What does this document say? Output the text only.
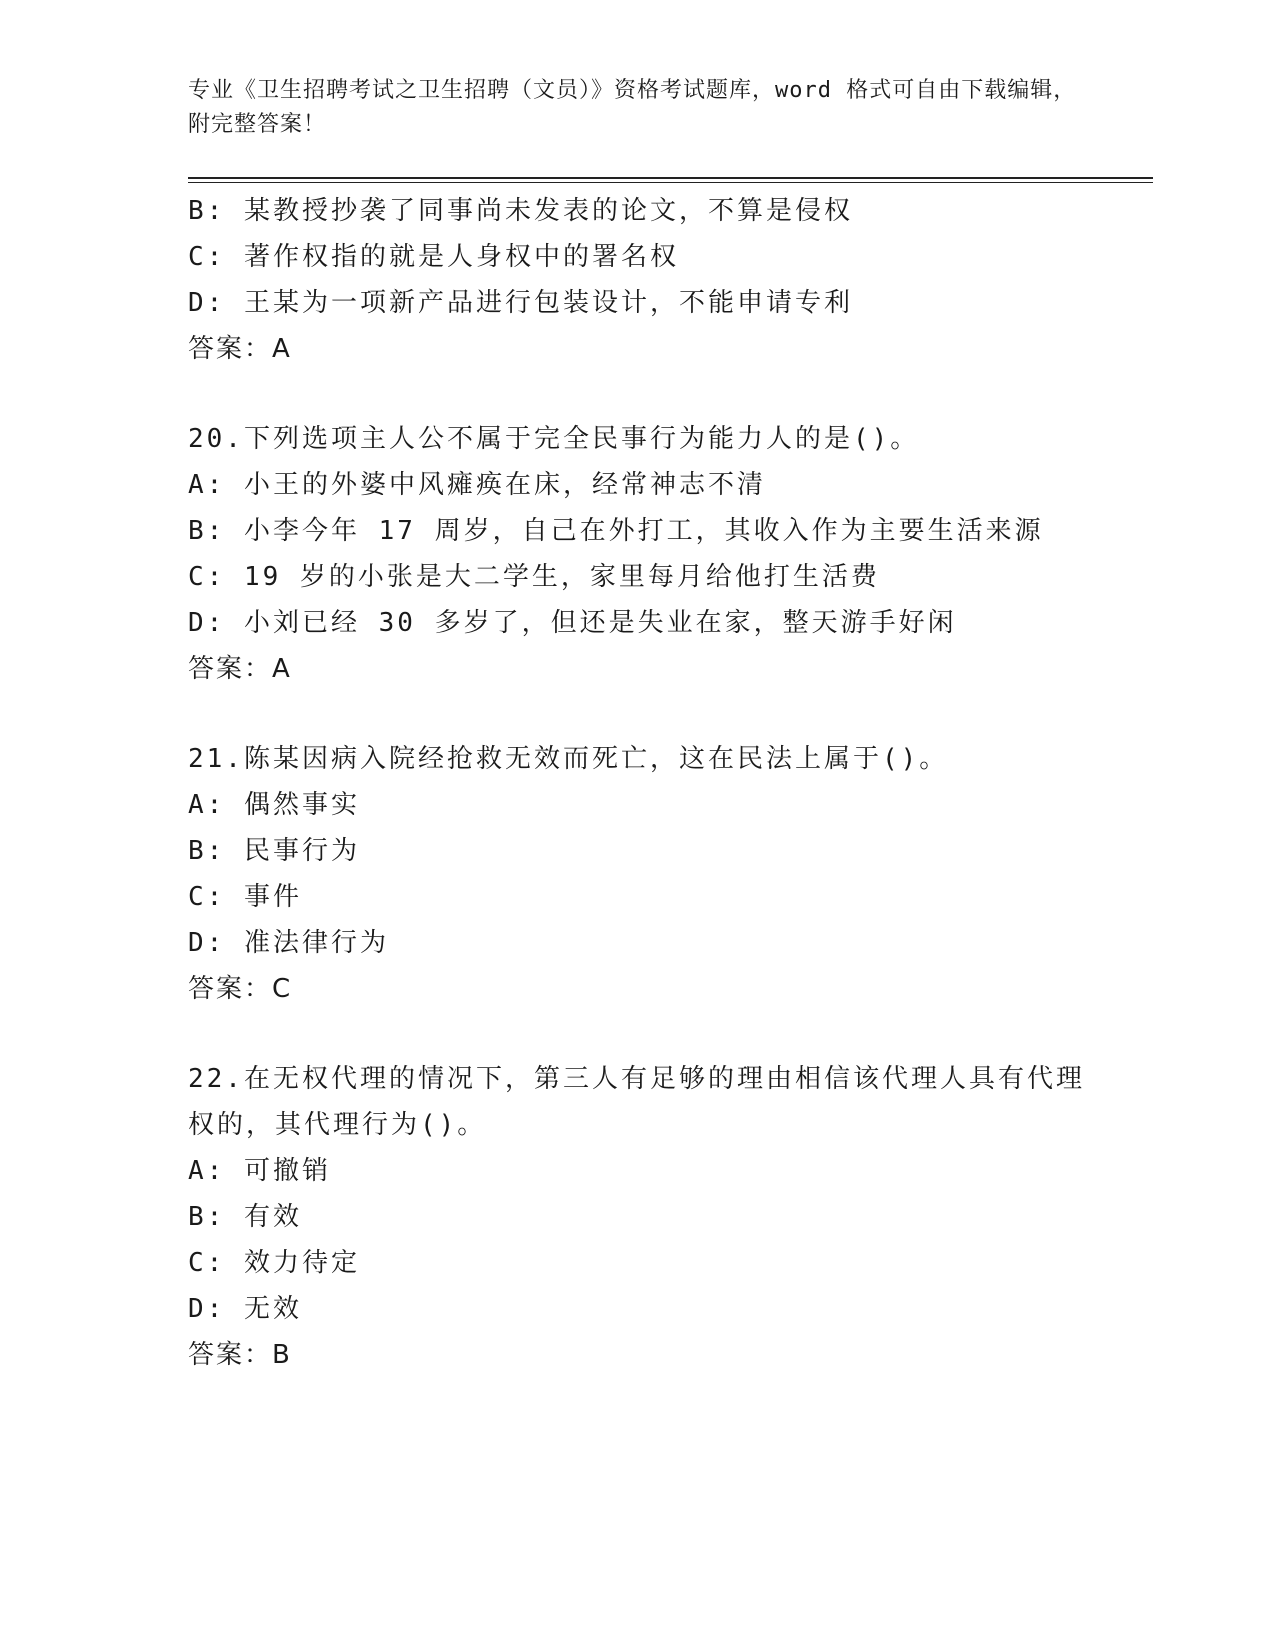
专业《卫生招聘考试之卫生招聘（文员）》资格考试题库，word 格式可自由下载编辑，附完整答案！
B: 某教授抄袭了同事尚未发表的论文，不算是侵权
C: 著作权指的就是人身权中的署名权
D: 王某为一项新产品进行包装设计，不能申请专利
答案：A
20.下列选项主人公不属于完全民事行为能力人的是()。
A: 小王的外婆中风瘫痪在床，经常神志不清
B: 小李今年 17 周岁，自己在外打工，其收入作为主要生活来源
C: 19 岁的小张是大二学生，家里每月给他打生活费
D: 小刘已经 30 多岁了，但还是失业在家，整天游手好闲
答案：A
21.陈某因病入院经抢救无效而死亡，这在民法上属于()。
A: 偶然事实
B: 民事行为
C: 事件
D: 准法律行为
答案：C
22.在无权代理的情况下，第三人有足够的理由相信该代理人具有代理权的，其代理行为()。
A: 可撤销
B: 有效
C: 效力待定
D: 无效
答案：B
